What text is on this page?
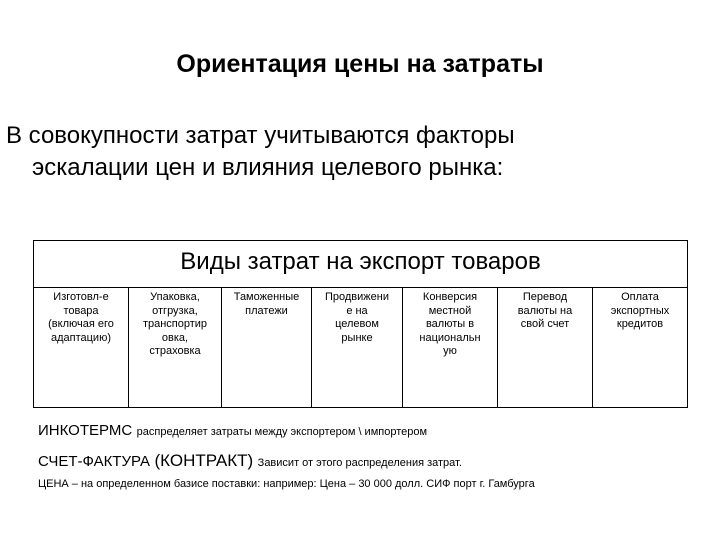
Ориентация цены на затраты
В совокупности затрат учитываются факторы
эскалации цен и влияния целевого рынка:
Виды затрат на экспорт товаров
Изготовл-е
товара
(включая его
адаптацию)
Упаковка,
отгрузка,
транспортир
овка,
страховка
Таможенные
платежи
Продвижени
е на
целевом
рынке
Конверсия
местной
валюты в
национальн
ую
Перевод
валюты на
свой счет
Оплата
экспортных
кредитов
ИНКОТЕРМС распределяет затраты между экспортером \ импортером
СЧЕТ-ФАКТУРА (КОНТРАКТ) Зависит от этого распределения затрат.
ЦЕНА – на определенном базисе поставки: например: Цена – 30 000 долл. СИФ порт г. Гамбурга
